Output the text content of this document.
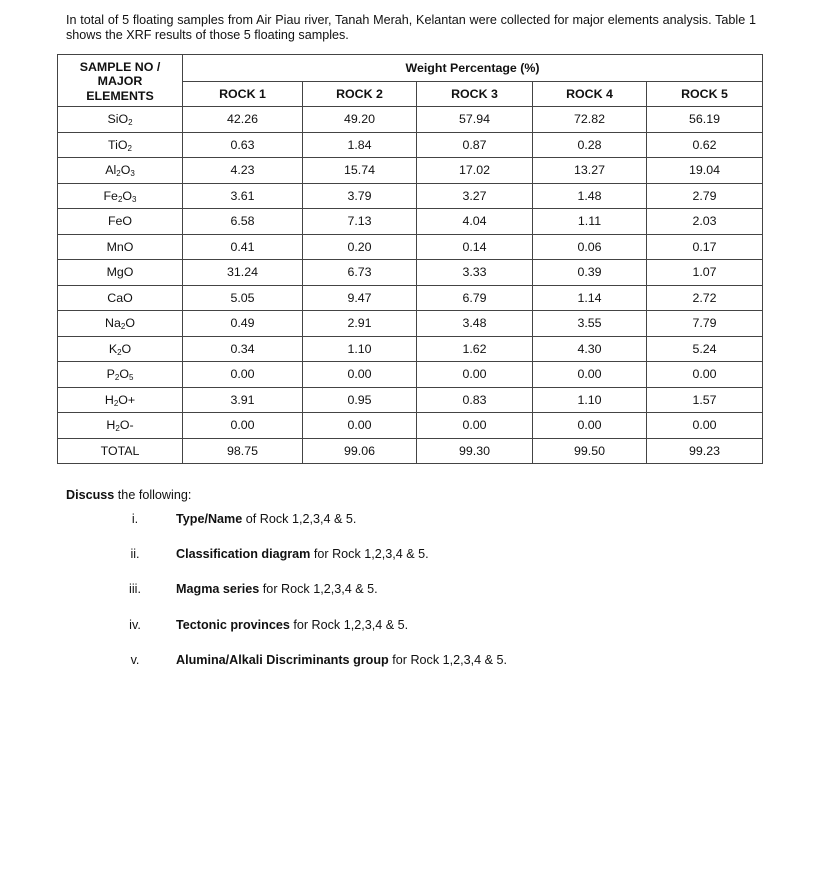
In total of 5 floating samples from Air Piau river, Tanah Merah, Kelantan were collected for major elements analysis. Table 1 shows the XRF results of those 5 floating samples.

SAMPLE NO /
MAJOR
ELEMENTS	Weight Percentage (%)				
	ROCK 1	ROCK 2	ROCK 3	ROCK 4	ROCK 5
SiO$_2$	42.26	49.20	57.94	72.82	56.19
TiO$_2$	0.63	1.84	0.87	0.28	0.62
$Al_2O_3$	4.23	15.74	17.02	13.27	19.04
$Fe_2O_3$	3.61	3.79	3.27	1.48	2.79
FeO	6.58	7.13	4.04	1.11	2.03
MnO	0.41	0.20	0.14	0.06	0.17
MgO	31.24	6.73	3.33	0.39	1.07
CaO	5.05	9.47	6.79	1.14	2.72
$Na_2O$	0.49	2.91	3.48	3.55	7.79
$K_2O$	0.34	1.10	1.62	4.30	5.24
$P_2O_5$	0.00	0.00	0.00	0.00	0.00
$H_2O+$	3.91	0.95	0.83	1.10	1.57
$H_2O-$	0.00	0.00	0.00	0.00	0.00
TOTAL	98.75	99.06	99.30	99.50	99.23
Discuss the following:
i.	Type/Name of Rock 1,2,3,4 & 5.
ii.	Classification diagram for Rock 1,2,3,4 & 5.
iii.	Magma series for Rock 1,2,3,4 & 5.
iv.	Tectonic provinces for Rock 1,2,3,4 & 5.
v.	Alumina/Alkali Discriminants group for Rock 1,2,3,4 & 5.
